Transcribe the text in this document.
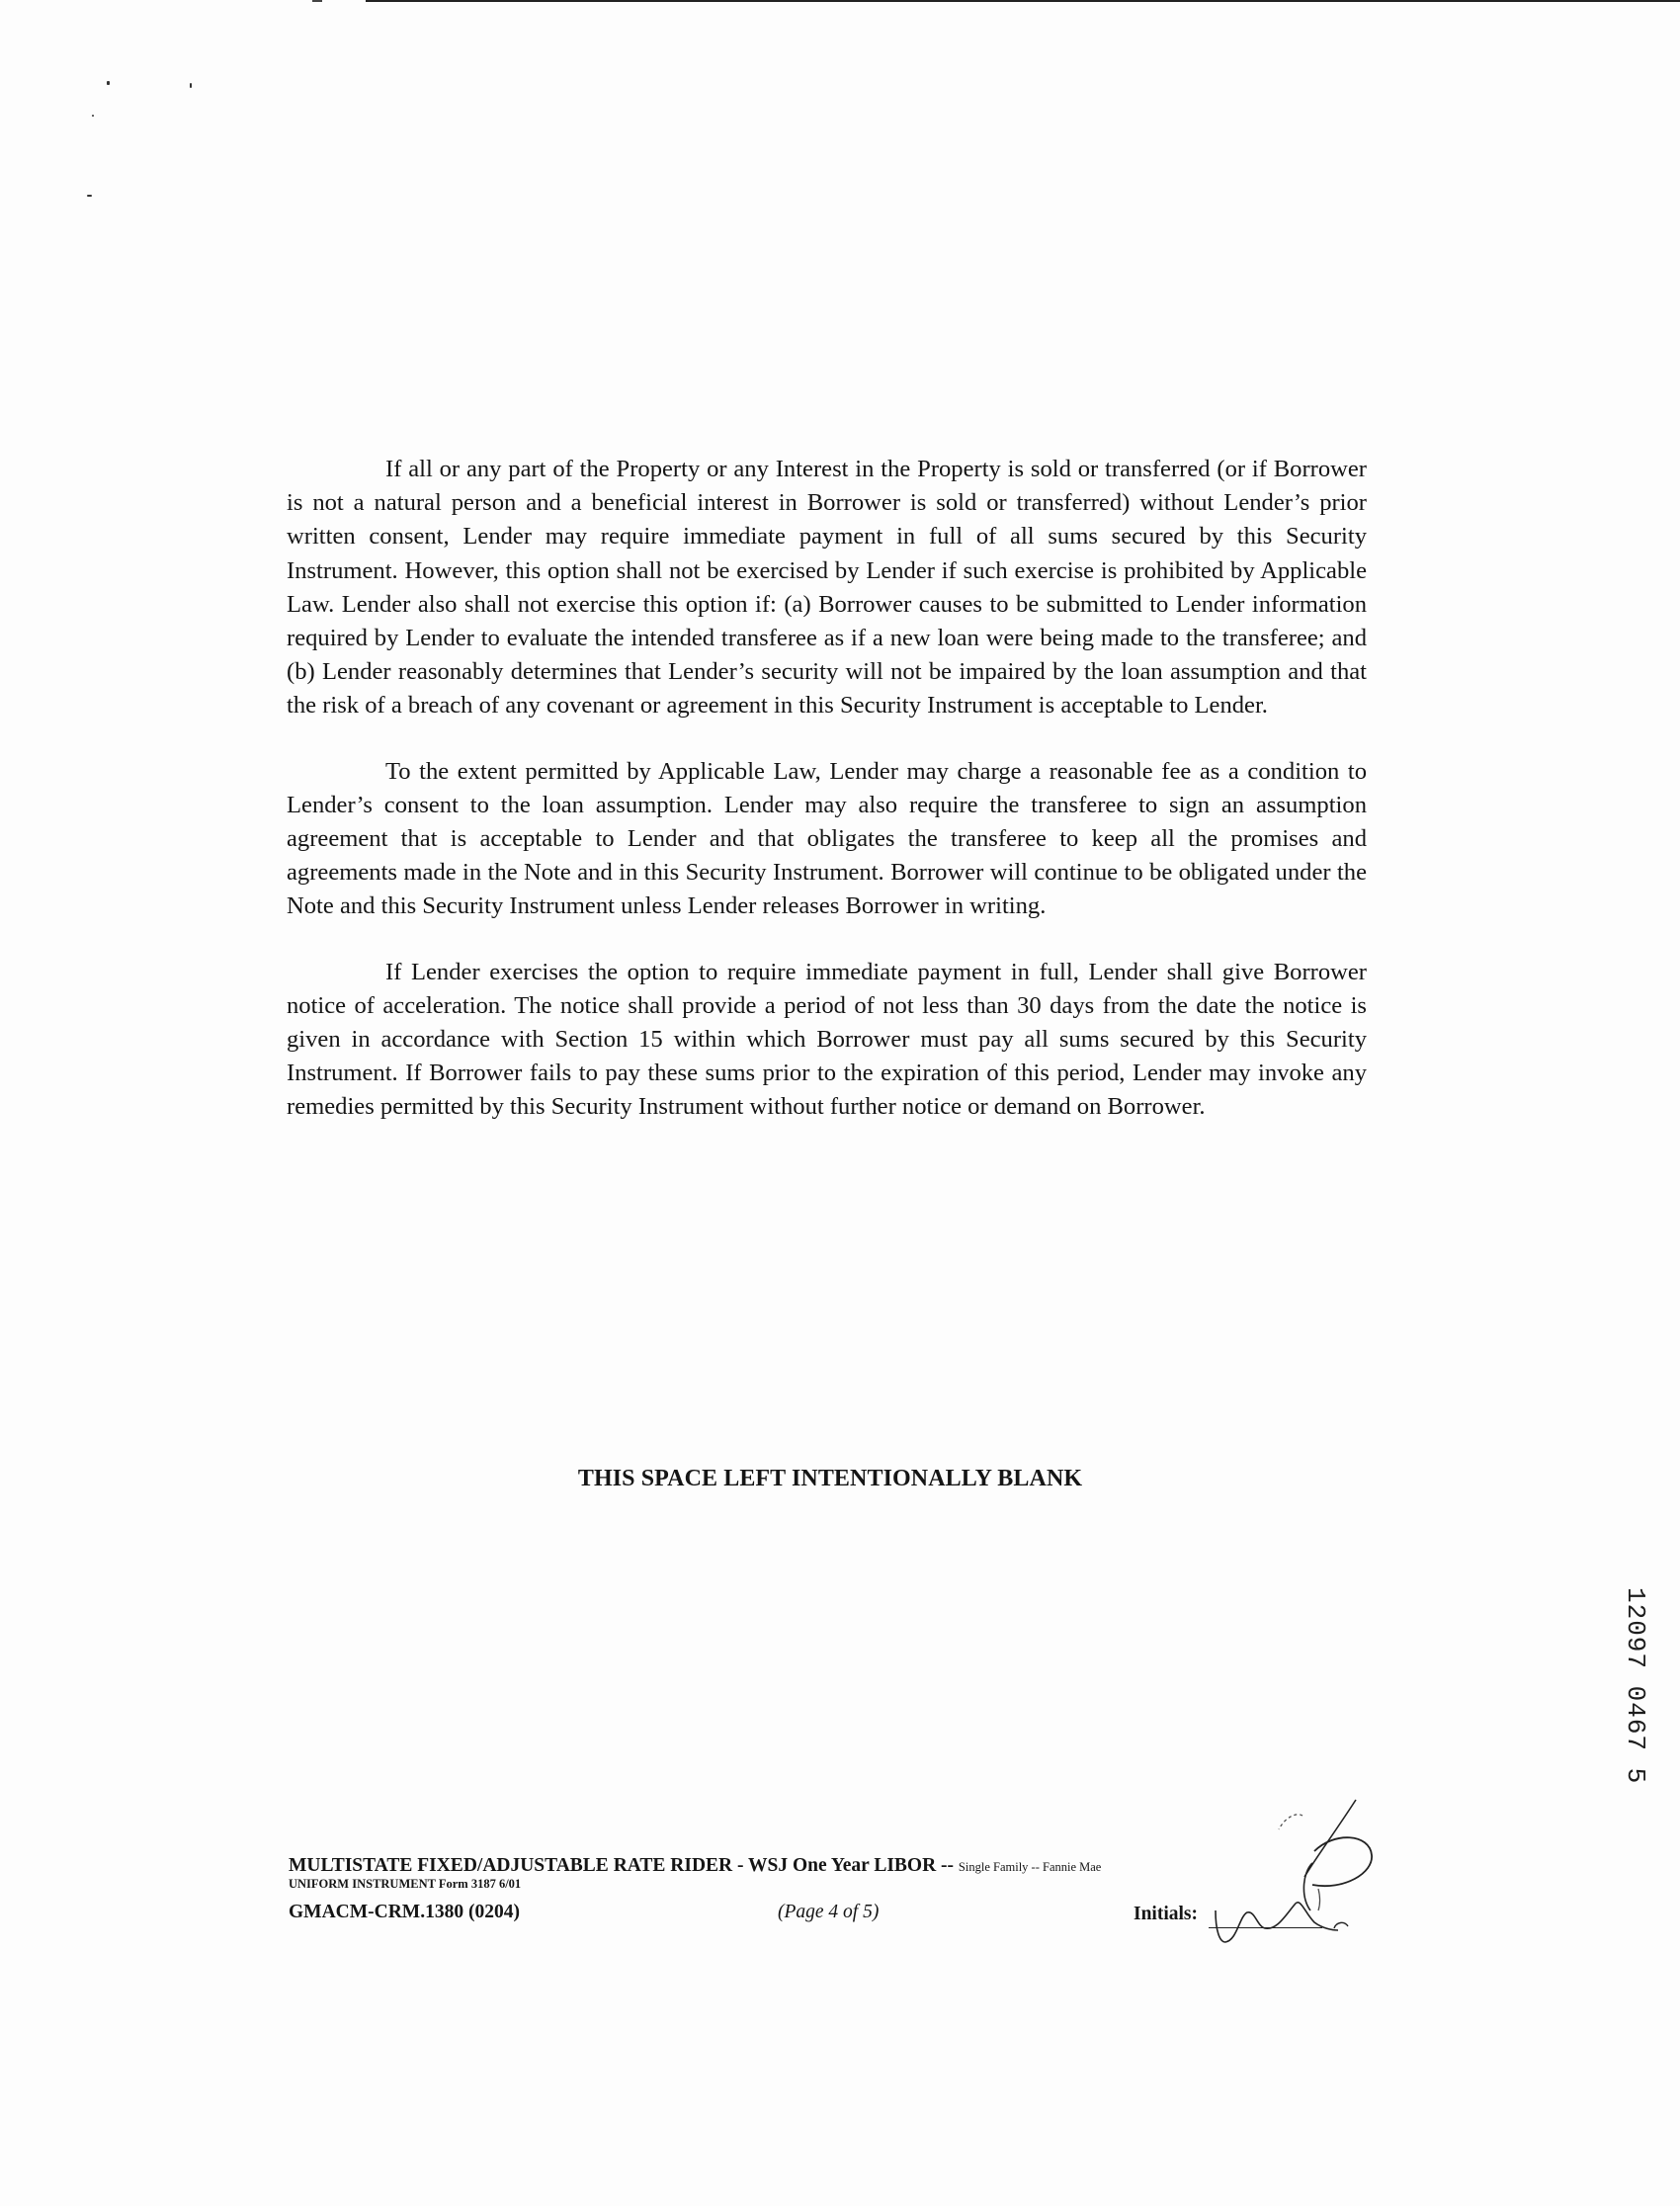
If all or any part of the Property or any Interest in the Property is sold or transferred (or if Borrower is not a natural person and a beneficial interest in Borrower is sold or transferred) without Lender’s prior written consent, Lender may require immediate payment in full of all sums secured by this Security Instrument. However, this option shall not be exercised by Lender if such exercise is prohibited by Applicable Law. Lender also shall not exercise this option if: (a) Borrower causes to be submitted to Lender information required by Lender to evaluate the intended transferee as if a new loan were being made to the transferee; and (b) Lender reasonably determines that Lender’s security will not be impaired by the loan assumption and that the risk of a breach of any covenant or agreement in this Security Instrument is acceptable to Lender.

To the extent permitted by Applicable Law, Lender may charge a reasonable fee as a condition to Lender’s consent to the loan assumption. Lender may also require the transferee to sign an assumption agreement that is acceptable to Lender and that obligates the transferee to keep all the promises and agreements made in the Note and in this Security Instrument. Borrower will continue to be obligated under the Note and this Security Instrument unless Lender releases Borrower in writing.

If Lender exercises the option to require immediate payment in full, Lender shall give Borrower notice of acceleration. The notice shall provide a period of not less than 30 days from the date the notice is given in accordance with Section 15 within which Borrower must pay all sums secured by this Security Instrument. If Borrower fails to pay these sums prior to the expiration of this period, Lender may invoke any remedies permitted by this Security Instrument without further notice or demand on Borrower.

THIS SPACE LEFT INTENTIONALLY BLANK
MULTISTATE FIXED/ADJUSTABLE RATE RIDER - WSJ One Year LIBOR -- Single Family -- Fannie Mae
UNIFORM INSTRUMENT Form 3187 6/01
GMACM-CRM.1380 (0204)	(Page 4 of 5)	Initials:
12097 0467 5
